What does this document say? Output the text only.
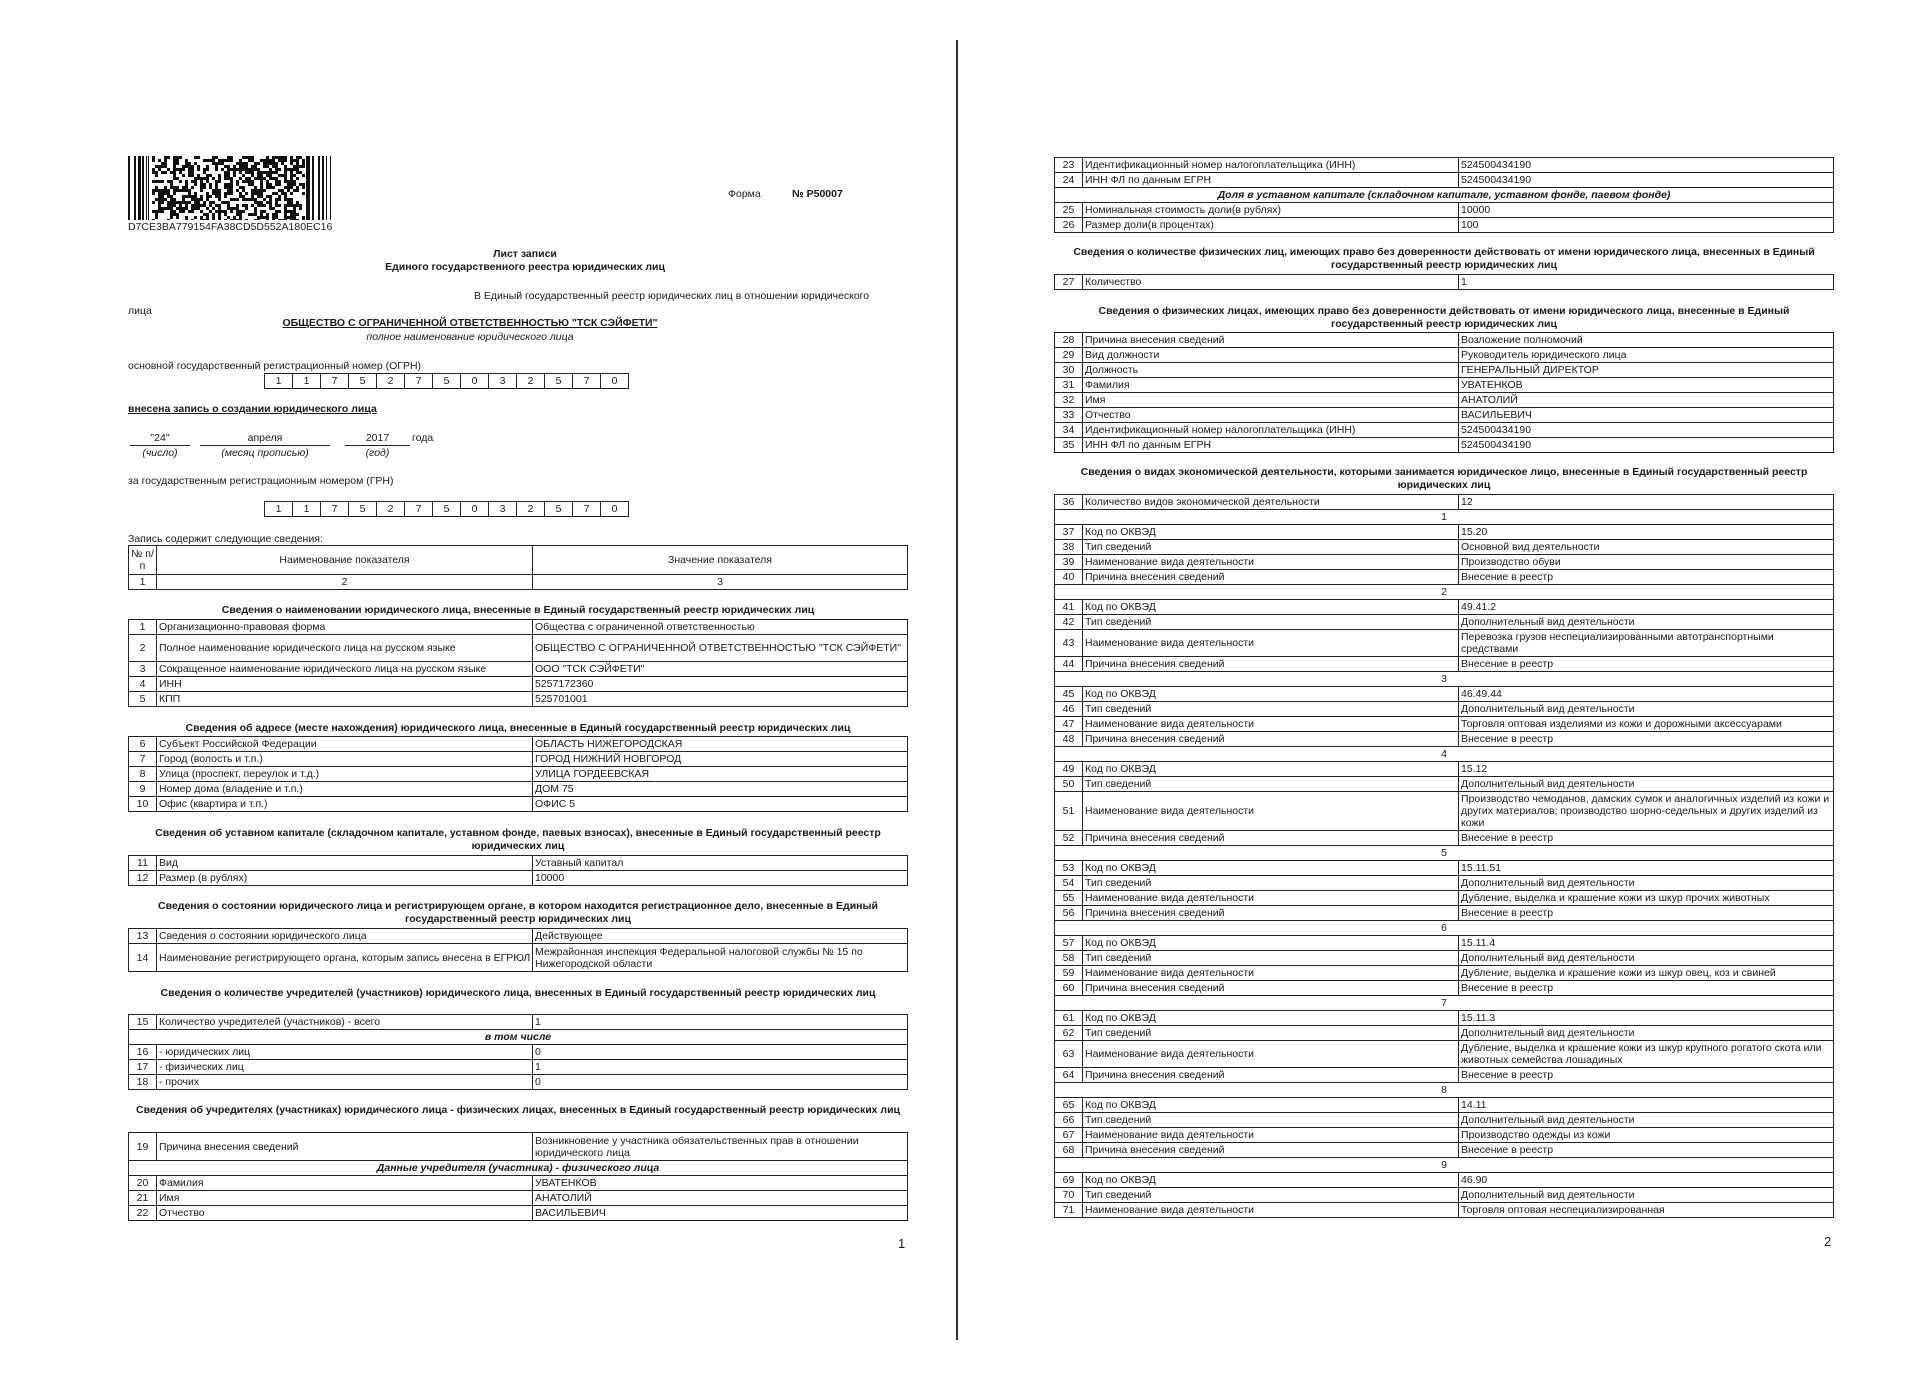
D7CE3BA779154FA38CD5D552A180EC16
Форма	№ Р50007
Лист записи
Единого государственного реестра юридических лиц
В Единый государственный реестр юридических лиц в отношении юридического
лица
ОБЩЕСТВО С ОГРАНИЧЕННОЙ ОТВЕТСТВЕННОСТЬЮ "ТСК СЭЙФЕТИ"
полное наименование юридического лица
основной государственный регистрационный номер (ОГРН)
1	1	7	5	2	7	5	0	3	2	5	7	0
внесена запись о создании юридического лица
"24"	апреля	2017	года
(число)	(месяц прописью)	(год)
за государственным регистрационным номером (ГРН)
1	1	7	5	2	7	5	0	3	2	5	7	0
Запись содержит следующие сведения:
№ п/п	Наименование показателя	Значение показателя
1	2	3
Сведения о наименовании юридического лица, внесенные в Единый государственный реестр юридических лиц
1	Организационно-правовая форма	Общества с ограниченной ответственностью
2	Полное наименование юридического лица на русском языке	ОБЩЕСТВО С ОГРАНИЧЕННОЙ ОТВЕТСТВЕННОСТЬЮ "ТСК СЭЙФЕТИ"
3	Сокращенное наименование юридического лица на русском языке	ООО "ТСК СЭЙФЕТИ"
4	ИНН	5257172360
5	КПП	525701001
Сведения об адресе (месте нахождения) юридического лица, внесенные в Единый государственный реестр юридических лиц
6	Субъект Российской Федерации	ОБЛАСТЬ НИЖЕГОРОДСКАЯ
7	Город (волость и т.п.)	ГОРОД НИЖНИЙ НОВГОРОД
8	Улица (проспект, переулок и т.д.)	УЛИЦА ГОРДЕЕВСКАЯ
9	Номер дома (владение и т.п.)	ДОМ 75
10	Офис (квартира и т.п.)	ОФИС 5
Сведения об уставном капитале (складочном капитале, уставном фонде, паевых взносах), внесенные в Единый государственный реестр юридических лиц
11	Вид	Уставный капитал
12	Размер (в рублях)	10000
Сведения о состоянии юридического лица и регистрирующем органе, в котором находится регистрационное дело, внесенные в Единый государственный реестр юридических лиц
13	Сведения о состоянии юридического лица	Действующее
14	Наименование регистрирующего органа, которым запись внесена в ЕГРЮЛ	Межрайонная инспекция Федеральной налоговой службы № 15 по Нижегородской области
Сведения о количестве учредителей (участников) юридического лица, внесенных в Единый государственный реестр юридических лиц
15	Количество учредителей (участников) - всего	1
в том числе		
16	- юридических лиц	0
17	- физических лиц	1
18	- прочих	0
Сведения об учредителях (участниках) юридического лица - физических лицах, внесенных в Единый государственный реестр юридических лиц
19	Причина внесения сведений	Возникновение у участника обязательственных прав в отношении юридического лица
Данные учредителя (участника) - физического лица		
20	Фамилия	УВАТЕНКОВ
21	Имя	АНАТОЛИЙ
22	Отчество	ВАСИЛЬЕВИЧ
1
23	Идентификационный номер налогоплательщика (ИНН)	524500434190
24	ИНН ФЛ по данным ЕГРН	524500434190
Доля в уставном капитале (складочном капитале, уставном фонде, паевом фонде)		
25	Номинальная стоимость доли(в рублях)	10000
26	Размер доли(в процентах)	100
Сведения о количестве физических лиц, имеющих право без доверенности действовать от имени юридического лица, внесенных в Единый государственный реестр юридических лиц
27	Количество	1
Сведения о физических лицах, имеющих право без доверенности действовать от имени юридического лица, внесенные в Единый государственный реестр юридических лиц
28	Причина внесения сведений	Возложение полномочий
29	Вид должности	Руководитель юридического лица
30	Должность	ГЕНЕРАЛЬНЫЙ ДИРЕКТОР
31	Фамилия	УВАТЕНКОВ
32	Имя	АНАТОЛИЙ
33	Отчество	ВАСИЛЬЕВИЧ
34	Идентификационный номер налогоплательщика (ИНН)	524500434190
35	ИНН ФЛ по данным ЕГРН	524500434190
Сведения о видах экономической деятельности, которыми занимается юридическое лицо, внесенные в Единый государственный реестр юридических лиц
36	Количество видов экономической деятельности	12
1		
37	Код по ОКВЭД	15.20
38	Тип сведений	Основной вид деятельности
39	Наименование вида деятельности	Производство обуви
40	Причина внесения сведений	Внесение в реестр
2		
41	Код по ОКВЭД	49.41.2
42	Тип сведений	Дополнительный вид деятельности
43	Наименование вида деятельности	Перевозка грузов неспециализированными автотранспортными средствами
44	Причина внесения сведений	Внесение в реестр
3		
45	Код по ОКВЭД	46.49.44
46	Тип сведений	Дополнительный вид деятельности
47	Наименование вида деятельности	Торговля оптовая изделиями из кожи и дорожными аксессуарами
48	Причина внесения сведений	Внесение в реестр
4		
49	Код по ОКВЭД	15.12
50	Тип сведений	Дополнительный вид деятельности
51	Наименование вида деятельности	Производство чемоданов, дамских сумок и аналогичных изделий из кожи и других материалов; производство шорно-седельных и других изделий из кожи
52	Причина внесения сведений	Внесение в реестр
5		
53	Код по ОКВЭД	15.11.51
54	Тип сведений	Дополнительный вид деятельности
55	Наименование вида деятельности	Дубление, выделка и крашение кожи из шкур прочих животных
56	Причина внесения сведений	Внесение в реестр
6		
57	Код по ОКВЭД	15.11.4
58	Тип сведений	Дополнительный вид деятельности
59	Наименование вида деятельности	Дубление, выделка и крашение кожи из шкур овец, коз и свиней
60	Причина внесения сведений	Внесение в реестр
7		
61	Код по ОКВЭД	15.11.3
62	Тип сведений	Дополнительный вид деятельности
63	Наименование вида деятельности	Дубление, выделка и крашение кожи из шкур крупного рогатого скота или животных семейства лошадиных
64	Причина внесения сведений	Внесение в реестр
8		
65	Код по ОКВЭД	14.11
66	Тип сведений	Дополнительный вид деятельности
67	Наименование вида деятельности	Производство одежды из кожи
68	Причина внесения сведений	Внесение в реестр
9		
69	Код по ОКВЭД	46.90
70	Тип сведений	Дополнительный вид деятельности
71	Наименование вида деятельности	Торговля оптовая неспециализированная
2
